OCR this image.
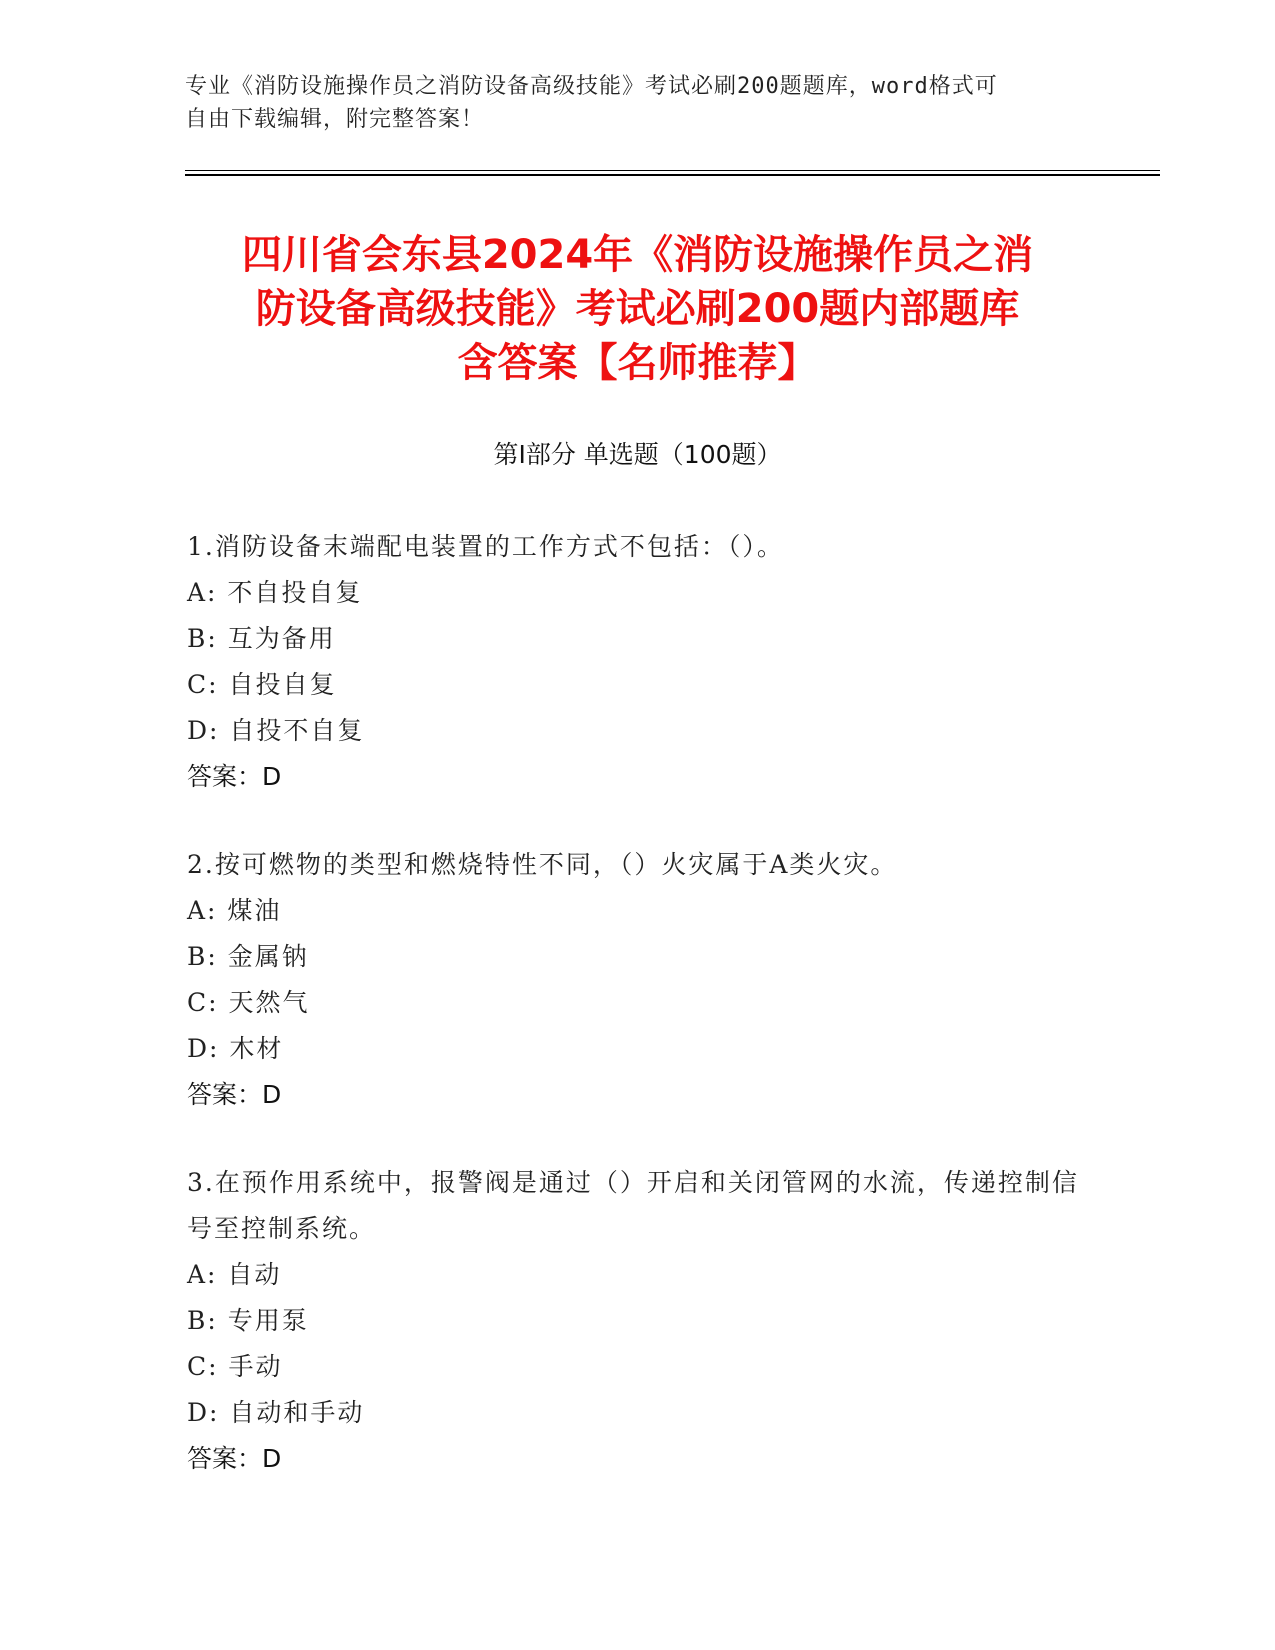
专业《消防设施操作员之消防设备高级技能》考试必刷200题题库，word格式可
自由下载编辑，附完整答案！
四川省会东县2024年《消防设施操作员之消
防设备高级技能》考试必刷200题内部题库
含答案【名师推荐】
第Ⅰ部分 单选题（100题）
1.消防设备末端配电装置的工作方式不包括：（）。
A: 不自投自复
B: 互为备用
C: 自投自复
D: 自投不自复
答案：D
2.按可燃物的类型和燃烧特性不同，（）火灾属于A类火灾。
A: 煤油
B: 金属钠
C: 天然气
D: 木材
答案：D
3.在预作用系统中，报警阀是通过（）开启和关闭管网的水流，传递控制信号至控制系统。
A: 自动
B: 专用泵
C: 手动
D: 自动和手动
答案：D
